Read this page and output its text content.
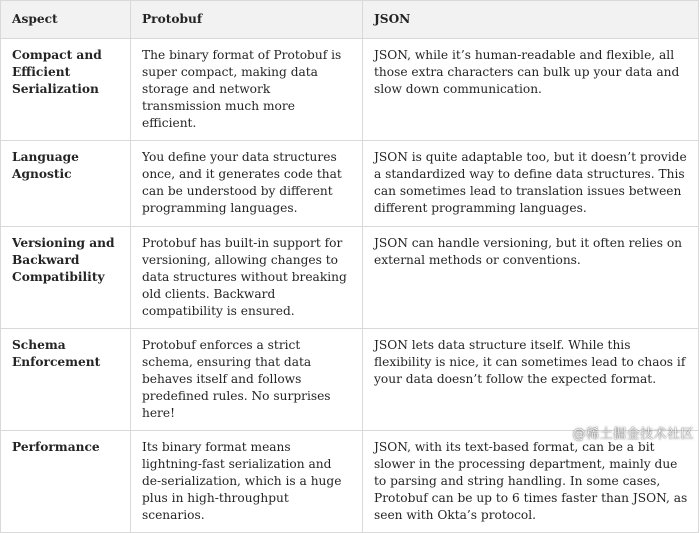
Aspect	Protobuf	JSON
Compact and Efficient Serialization	The binary format of Protobuf is super compact, making data storage and network transmission much more efficient.	JSON, while it’s human-readable and flexible, all those extra characters can bulk up your data and slow down communication.
Language Agnostic	You define your data structures once, and it generates code that can be understood by different programming languages.	JSON is quite adaptable too, but it doesn’t provide a standardized way to define data structures. This can sometimes lead to translation issues between different programming languages.
Versioning and Backward Compatibility	Protobuf has built-in support for versioning, allowing changes to data structures without breaking old clients. Backward compatibility is ensured.	JSON can handle versioning, but it often relies on external methods or conventions.
Schema Enforcement	Protobuf enforces a strict schema, ensuring that data behaves itself and follows predefined rules. No surprises here!	JSON lets data structure itself. While this flexibility is nice, it can sometimes lead to chaos if your data doesn’t follow the expected format.
Performance	Its binary format means lightning-fast serialization and de-serialization, which is a huge plus in high-throughput scenarios.	JSON, with its text-based format, can be a bit slower in the processing department, mainly due to parsing and string handling. In some cases, Protobuf can be up to 6 times faster than JSON, as seen with Okta’s protocol.
@稀土掘金技术社区
